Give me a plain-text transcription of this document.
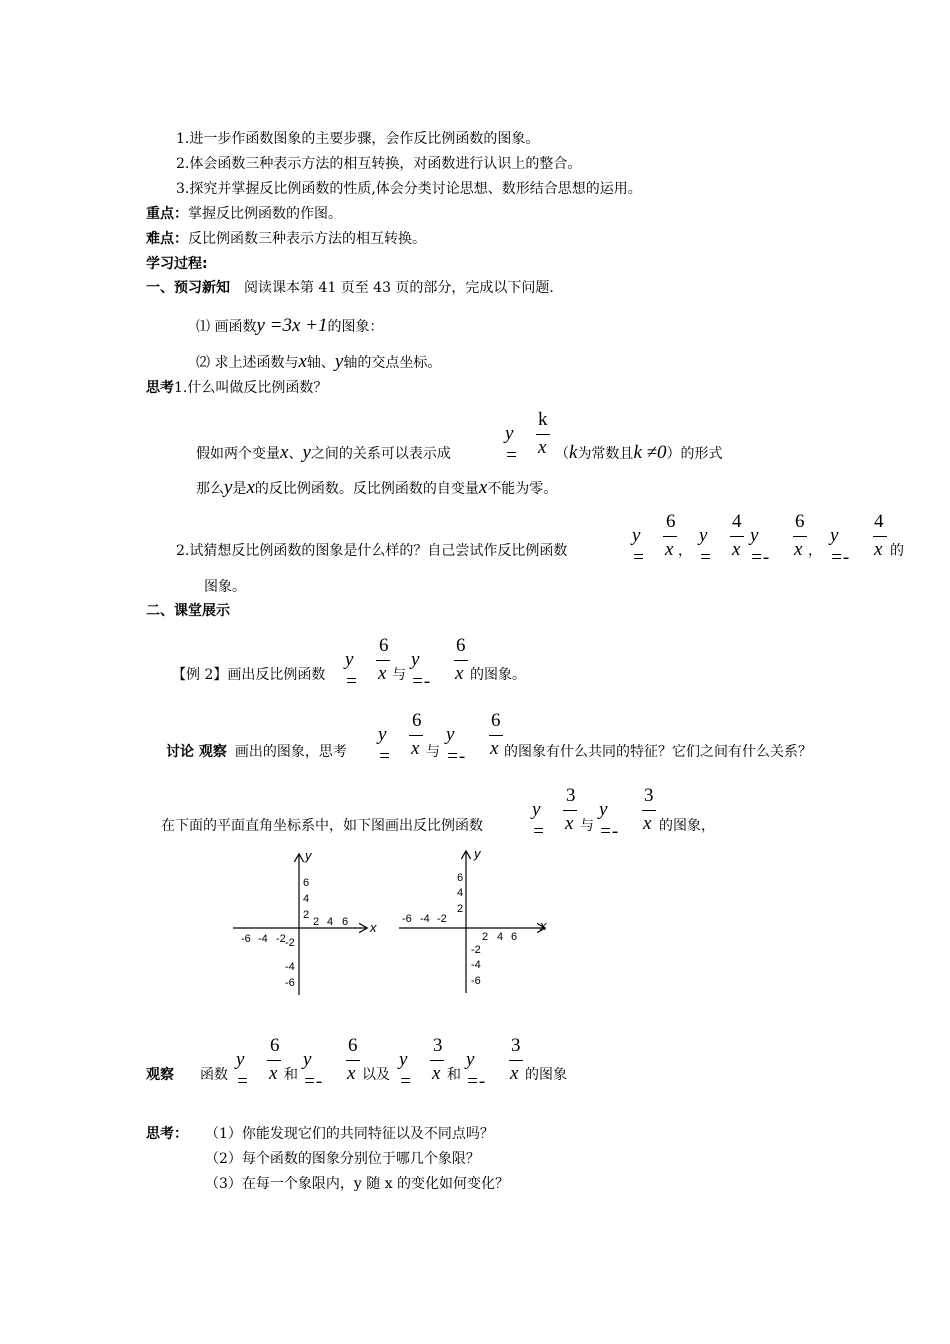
1.进一步作函数图象的主要步骤，会作反比例函数的图象。
2.体会函数三种表示方法的相互转换，对函数进行认识上的整合。
3.探究并掌握反比例函数的性质,体会分类讨论思想、数形结合思想的运用。
重点：掌握反比例函数的作图。
难点：反比例函数三种表示方法的相互转换。
学习过程:
一、预习新知 阅读课本第 41 页至 43 页的部分，完成以下问题.
⑴ 画函数y =3x +1的图象：
⑵ 求上述函数与x轴、y轴的交点坐标。
思考1.什么叫做反比例函数？
y =
k
x
假如两个变量x、y之间的关系可以表示成	（k为常数且k ≠0）的形式
那么y是x的反比例函数。反比例函数的自变量x不能为零。
2.试猜想反比例函数的图象是什么样的？自己尝试作反比例函数
y =
6
x ，
y =
4
x
y =-
6
x ，
y =-
4
x 的
图象。
二、课堂展示
【例 2】画出反比例函数
y =
6
x 与
y =-
6
x 的图象。
讨论 观察 画出的图象，思考
y =
6
x 与
y =-
6
x 的图象有什么共同的特征？它们之间有什么关系？
在下面的平面直角坐标系中，如下图画出反比例函数
y =
3
x 与
y =-
3
x 的图象，
y
x
6
4
2
-2
-4
-6
2 4 6
-6 -4 -2
y
x
6
4
2
-2
-4
-6
2 4 6
-6 -4 -2
观察 函数
y =
6
x 和
y =-
6
x 以及
y =
3
x 和
y =-
3
x 的图象
思考： （1）你能发现它们的共同特征以及不同点吗？
（2）每个函数的图象分别位于哪几个象限？
（3）在每一个象限内，y 随 x 的变化如何变化？
